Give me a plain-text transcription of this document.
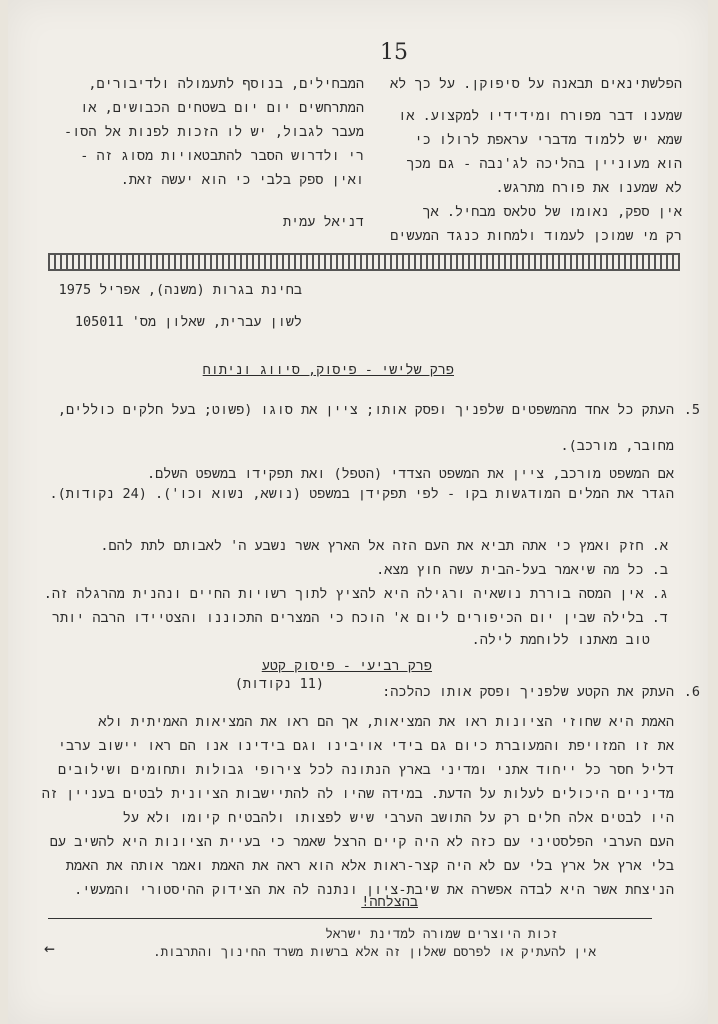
15
הפלשתינאים תבאנה על סיפוקן. על כך לא
שמענו דבר מפורח ומידידיו למקצוע. או
שמא יש ללמוד מדברי עראפת לרולו כי
הוא מעוניין בהליכה לג'נבה - גם מכך
לא שמענו את פורח מתרגש.
אין ספק, נאומו של טלאס מבחיל. אך
רק מי שמוכן לעמוד ולמחות כנגד המעשים
המבחילים, בנוסף לתעמולה ולדיבורים,
המתרחשים יום יום בשטחים הכבושים, או
מעבר לגבול, יש לו הזכות לפנות אל הסו-
רי ולדרוש הסבר להתבטאויות מסוג זה -
ואין ספק בלבי כי הוא יעשה זאת.
דניאל עמית
בחינת בגרות (משנה), אפריל 1975
לשון עברית, שאלון מס' 105011
פרק שלישי - פיסוק, סיווג וניתוח
5.
העתק כל אחד מהמשפטים שלפניך ופסק אותו; ציין את סוגו (פשוט; בעל חלקים כוללים,
מחובר, מורכב).
אם המשפט מורכב, ציין את המשפט הצדדי (הטפל) ואת תפקידו במשפט השלם.
הגדר את המלים המודגשות בקו - לפי תפקידן במשפט (נושא, נשוא וכו'). (24 נקודות).
א. חזק ואמץ כי אתה תביא את העם הזה אל הארץ אשר נשבע ה' לאבותם לתת להם.
ב. כל מה שיאמר בעל-הבית עשה חוץ מצא.
ג. אין המסה בוררת נושאיה ורגילה היא להציץ לתוך רשויות החיים ונהנית מהרגלה זה.
ד. בלילה שבין יום הכיפורים ליום א' הוכח כי המצרים התכוננו והצטיידו הרבה יותר
טוב מאתנו ללוחמת לילה.
פרק רביעי - פיסוק קטע
6.
העתק את הקטע שלפניך ופסק אותו כהלכה:
(11 נקודות)
האמת היא שחוזי הציונות ראו את המציאות, אך הם ראו את המציאות האמיתית ולא
את זו המזויפת והמעוברת כיום גם בידי אויבינו וגם בידינו אנו הם ראו יישוב ערבי
דליל חסר כל ייחוד אתני ומדיני בארץ הנתונה לכל צירופי גבולות ותחומים ושילובים
מדיניים היכולים לעלות על הדעת. במידה שהיו לה להתיישבות הציונית לבטים בעניין זה
היו לבטים אלה חלים רק על התושב הערבי שיש לפצותו ולהבטיח קיומו ולא על
העם הערבי הפלסטיני עם כזה לא היה קיים הרצל שאמר כי בעיית הציונות היא להשיב עם
בלי ארץ אל ארץ בלי עם לא היה קצר-ראות אלא הוא ראה את האמת ואמר אותה את האמת
הניצחת אשר היא לבדה אפשרה את שיבת-ציון ונתנה לה את הצידוק ההיסטורי והמעשי.
בהצלחה!
זכות היוצרים שמורה למדינת ישראל
אין להעתיק או לפרסם שאלון זה אלא ברשות משרד החינוך והתרבות.
←
